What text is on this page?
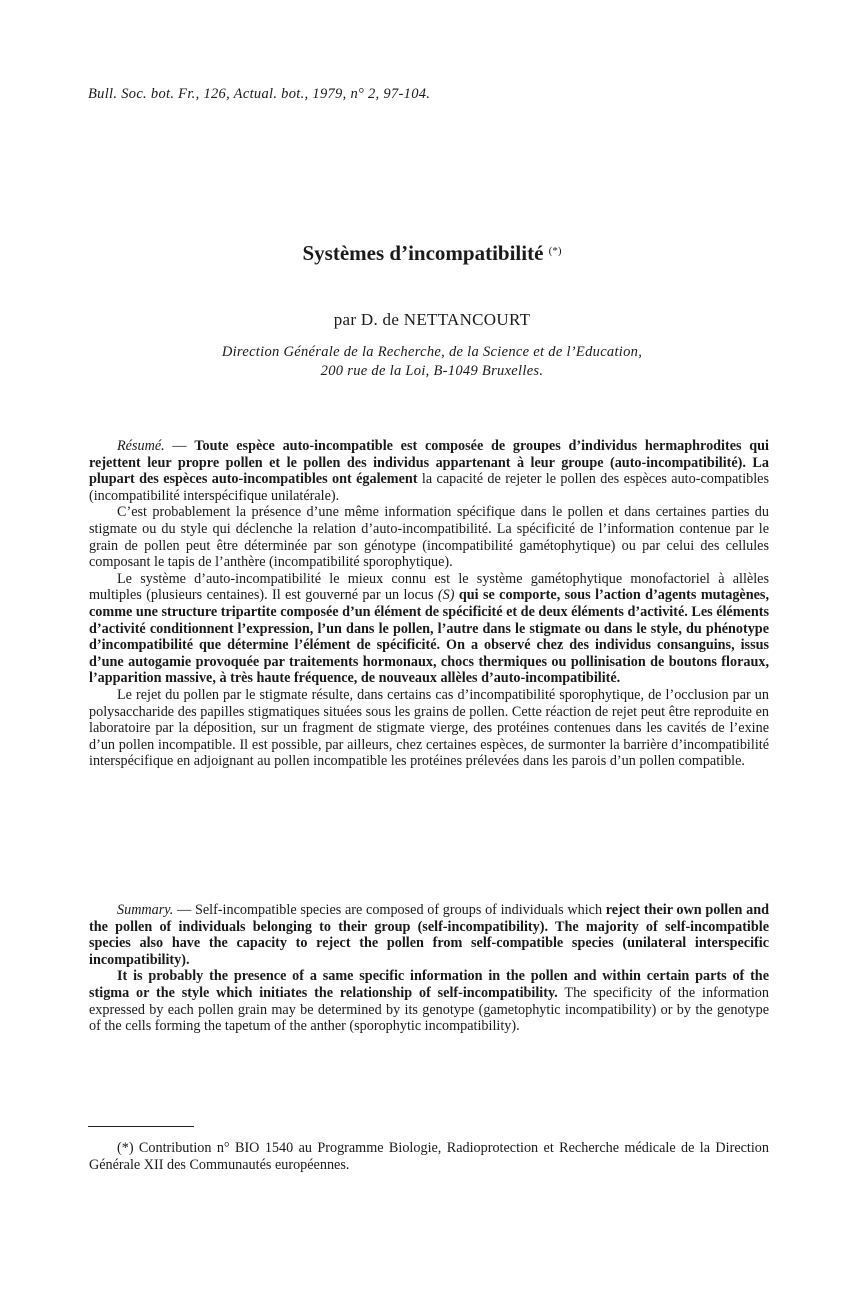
Bull. Soc. bot. Fr., 126, Actual. bot., 1979, n° 2, 97-104.
Systèmes d’incompatibilité (*)
par D. de NETTANCOURT
Direction Générale de la Recherche, de la Science et de l’Education,
200 rue de la Loi, B-1049 Bruxelles.

Résumé. — Toute espèce auto-incompatible est composée de groupes d’individus hermaphrodites qui rejettent leur propre pollen et le pollen des individus appartenant à leur groupe (auto-incompatibilité). La plupart des espèces auto-incompatibles ont également la capacité de rejeter le pollen des espèces auto-compatibles (incompatibilité interspécifique unilatérale).

C’est probablement la présence d’une même information spécifique dans le pollen et dans certaines parties du stigmate ou du style qui déclenche la relation d’auto-incompatibilité. La spécificité de l’information contenue par le grain de pollen peut être déterminée par son génotype (incompatibilité gamétophytique) ou par celui des cellules composant le tapis de l’anthère (incompatibilité sporophytique).

Le système d’auto-incompatibilité le mieux connu est le système gamétophytique monofactoriel à allèles multiples (plusieurs centaines). Il est gouverné par un locus (S) qui se comporte, sous l’action d’agents mutagènes, comme une structure tripartite composée d’un élément de spécificité et de deux éléments d’activité. Les éléments d’activité conditionnent l’expression, l’un dans le pollen, l’autre dans le stigmate ou dans le style, du phénotype d’incompatibilité que détermine l’élément de spécificité. On a observé chez des individus consanguins, issus d’une autogamie provoquée par traitements hormonaux, chocs thermiques ou pollinisation de boutons floraux, l’apparition massive, à très haute fréquence, de nouveaux allèles d’auto-incompatibilité.

Le rejet du pollen par le stigmate résulte, dans certains cas d’incompatibilité sporophytique, de l’occlusion par un polysaccharide des papilles stigmatiques situées sous les grains de pollen. Cette réaction de rejet peut être reproduite en laboratoire par la déposition, sur un fragment de stigmate vierge, des protéines contenues dans les cavités de l’exine d’un pollen incompatible. Il est possible, par ailleurs, chez certaines espèces, de surmonter la barrière d’incompatibilité interspécifique en adjoignant au pollen incompatible les protéines prélevées dans les parois d’un pollen compatible.

Summary. — Self-incompatible species are composed of groups of individuals which reject their own pollen and the pollen of individuals belonging to their group (self-incompatibility). The majority of self-incompatible species also have the capacity to reject the pollen from self-compatible species (unilateral interspecific incompatibility).

It is probably the presence of a same specific information in the pollen and within certain parts of the stigma or the style which initiates the relationship of self-incompatibility. The specificity of the information expressed by each pollen grain may be determined by its genotype (gametophytic incompatibility) or by the genotype of the cells forming the tapetum of the anther (sporophytic incompatibility).

(*) Contribution n° BIO 1540 au Programme Biologie, Radioprotection et Recherche médicale de la Direction Générale XII des Communautés européennes.
